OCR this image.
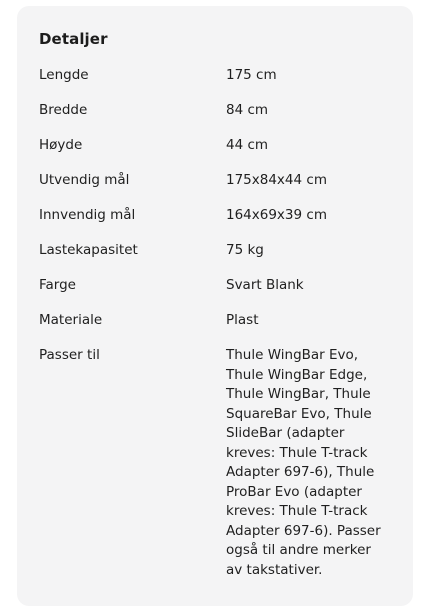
Detaljer
Lengde	175 cm
Bredde	84 cm
Høyde	44 cm
Utvendig mål	175x84x44 cm
Innvendig mål	164x69x39 cm
Lastekapasitet	75 kg
Farge	Svart Blank
Materiale	Plast
Passer til	Thule WingBar Evo, Thule WingBar Edge, Thule WingBar, Thule SquareBar Evo, Thule SlideBar (adapter kreves: Thule T-track Adapter 697-6), Thule ProBar Evo (adapter kreves: Thule T-track Adapter 697-6). Passer også til andre merker av takstativer.
